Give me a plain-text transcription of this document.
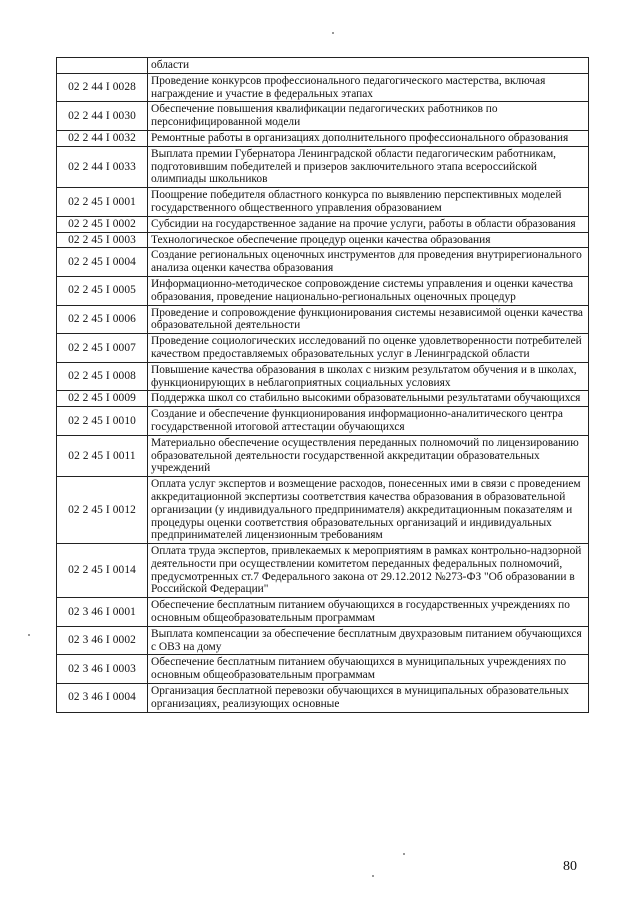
	области
02 2 44 I 0028	Проведение конкурсов профессионального педагогического мастерства, включая награждение и участие в федеральных этапах
02 2 44 I 0030	Обеспечение повышения квалификации педагогических работников по персонифицированной модели
02 2 44 I 0032	Ремонтные работы в организациях дополнительного профессионального образования
02 2 44 I 0033	Выплата премии Губернатора Ленинградской области педагогическим работникам, подготовившим победителей и призеров заключительного этапа всероссийской олимпиады школьников
02 2 45 I 0001	Поощрение победителя областного конкурса по выявлению перспективных моделей государственного общественного управления образованием
02 2 45 I 0002	Субсидии на государственное задание на прочие услуги, работы в области образования
02 2 45 I 0003	Технологическое обеспечение процедур оценки качества образования
02 2 45 I 0004	Создание региональных оценочных инструментов для проведения внутрирегионального анализа оценки качества образования
02 2 45 I 0005	Информационно-методическое сопровождение системы управления и оценки качества образования, проведение национально-региональных оценочных процедур
02 2 45 I 0006	Проведение и сопровождение функционирования системы независимой оценки качества образовательной деятельности
02 2 45 I 0007	Проведение социологических исследований по оценке удовлетворенности потребителей качеством предоставляемых образовательных услуг в Ленинградской области
02 2 45 I 0008	Повышение качества образования в школах с низким результатом обучения и в школах, функционирующих в неблагоприятных социальных условиях
02 2 45 I 0009	Поддержка школ со стабильно высокими образовательными результатами обучающихся
02 2 45 I 0010	Создание и обеспечение функционирования информационно-аналитического центра государственной итоговой аттестации обучающихся
02 2 45 I 0011	Материально обеспечение осуществления переданных полномочий по лицензированию образовательной деятельности государственной аккредитации образовательных учреждений
02 2 45 I 0012	Оплата услуг экспертов и возмещение расходов, понесенных ими в связи с проведением аккредитационной экспертизы соответствия качества образования в образовательной организации (у индивидуального предпринимателя) аккредитационным показателям и процедуры оценки соответствия образовательных организаций и индивидуальных предпринимателей лицензионным требованиям
02 2 45 I 0014	Оплата труда экспертов, привлекаемых к мероприятиям в рамках контрольно-надзорной деятельности при осуществлении комитетом переданных федеральных полномочий, предусмотренных ст.7 Федерального закона от 29.12.2012 №273-ФЗ "Об образовании в Российской Федерации"
02 3 46 I 0001	Обеспечение бесплатным питанием обучающихся в государственных учреждениях по основным общеобразовательным программам
02 3 46 I 0002	Выплата компенсации за обеспечение бесплатным двухразовым питанием обучающихся с ОВЗ на дому
02 3 46 I 0003	Обеспечение бесплатным питанием обучающихся в муниципальных учреждениях по основным общеобразовательным программам
02 3 46 I 0004	Организация бесплатной перевозки обучающихся в муниципальных образовательных организациях, реализующих основные
80
